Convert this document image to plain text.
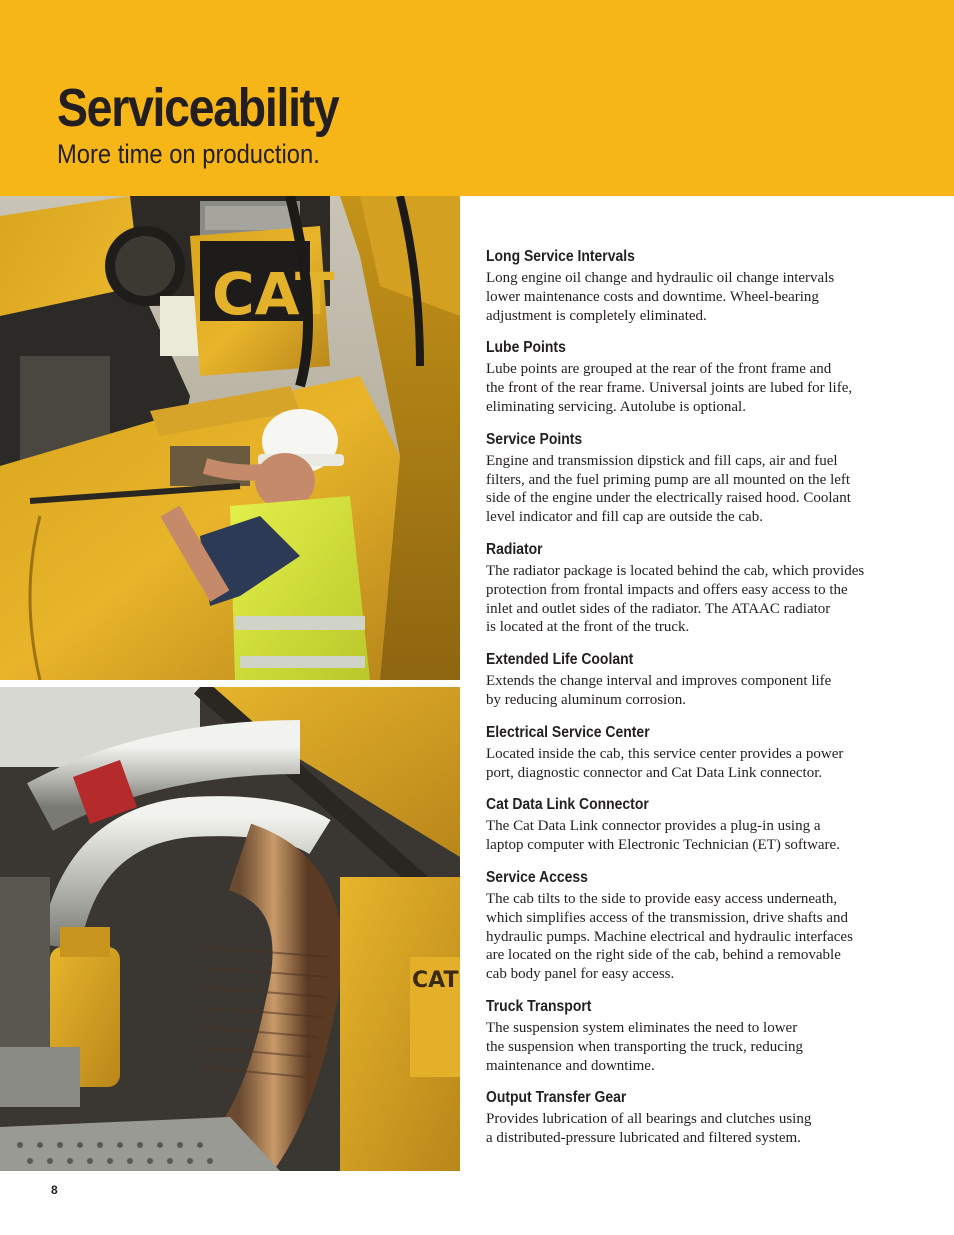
Serviceability
More time on production.
CAT
CAT
Long Service Intervals

Long engine oil change and hydraulic oil change intervals
lower maintenance costs and downtime. Wheel-bearing
adjustment is completely eliminated.

Lube Points

Lube points are grouped at the rear of the front frame and
the front of the rear frame. Universal joints are lubed for life,
eliminating servicing. Autolube is optional.

Service Points

Engine and transmission dipstick and fill caps, air and fuel
filters, and the fuel priming pump are all mounted on the left
side of the engine under the electrically raised hood. Coolant
level indicator and fill cap are outside the cab.

Radiator

The radiator package is located behind the cab, which provides
protection from frontal impacts and offers easy access to the
inlet and outlet sides of the radiator. The ATAAC radiator
is located at the front of the truck.

Extended Life Coolant

Extends the change interval and improves component life
by reducing aluminum corrosion.

Electrical Service Center

Located inside the cab, this service center provides a power
port, diagnostic connector and Cat Data Link connector.

Cat Data Link Connector

The Cat Data Link connector provides a plug-in using a
laptop computer with Electronic Technician (ET) software.

Service Access

The cab tilts to the side to provide easy access underneath,
which simplifies access of the transmission, drive shafts and
hydraulic pumps. Machine electrical and hydraulic interfaces
are located on the right side of the cab, behind a removable
cab body panel for easy access.

Truck Transport

The suspension system eliminates the need to lower
the suspension when transporting the truck, reducing
maintenance and downtime.

Output Transfer Gear

Provides lubrication of all bearings and clutches using
a distributed-pressure lubricated and filtered system.

8
